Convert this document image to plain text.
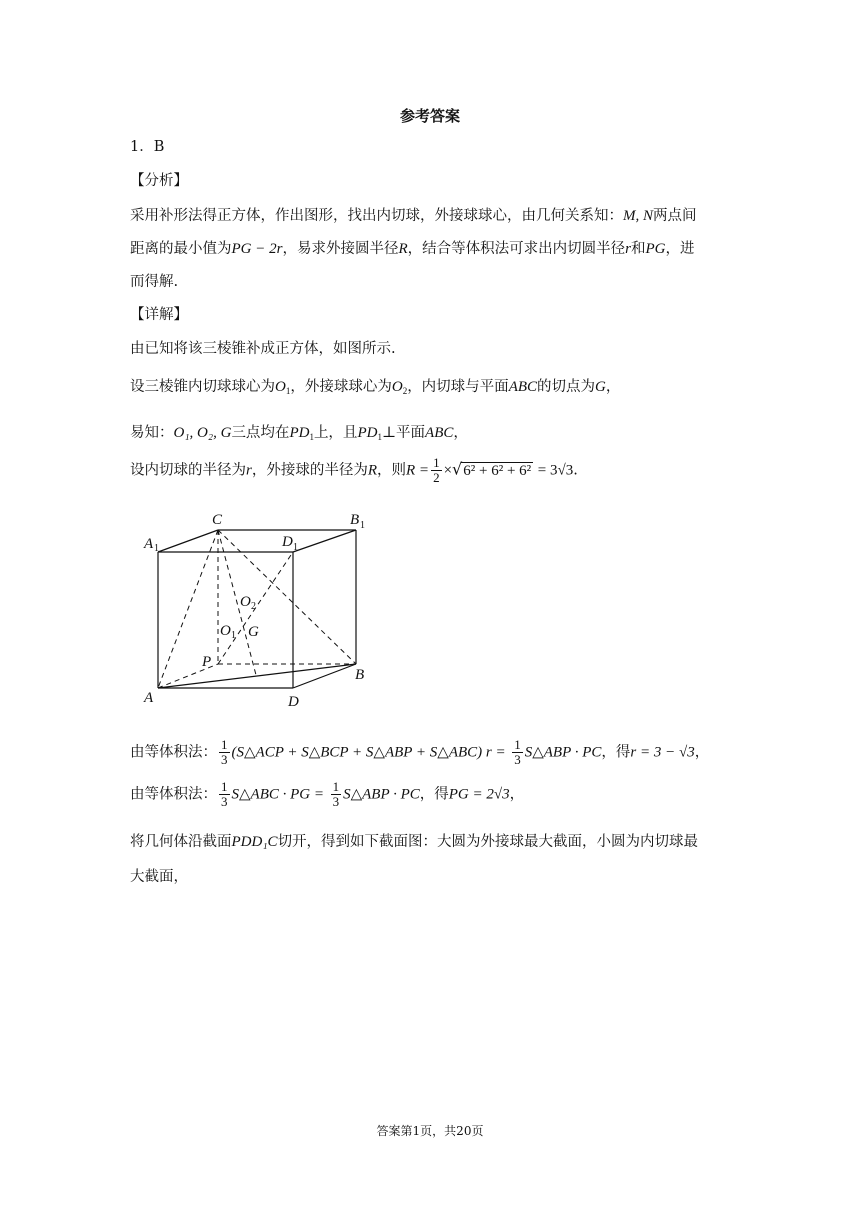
参考答案
1．B
【分析】
采用补形法得正方体，作出图形，找出内切球，外接球球心，由几何关系知：M, N两点间
距离的最小值为PG − 2r，易求外接圆半径R，结合等体积法可求出内切圆半径r和PG，进
而得解.
【详解】
由已知将该三棱锥补成正方体，如图所示.
设三棱锥内切球球心为$O_1$，外接球球心为$O_2$，内切球与平面ABC的切点为G，
易知：O₁, O₂, G三点均在$PD_1$上，且$PD_1\perp$平面ABC，
设内切球的半径为r，外接球的半径为R，则$R = \frac{1}{2} \times√6^2 + 6^2 + 6^2 = 3√3$.
C	B 1
A 1	D 1
O 2
O 1 G
P
B
A	D
由等体积法： $\frac{1}{3}$ (S△ACP + S△BCP + S△ABP + S△ABC) $r = \frac{1}{3}$ S△ABP · PC，得r = 3 − √3，
由等体积法： $\frac{1}{3}$ S△ABC · PG = $\frac{1}{3}$ S△ABP · PC，得PG = 2√3，
将几何体沿截面PDD₁C切开，得到如下截面图：大圆为外接球最大截面，小圆为内切球最
大截面，
答案第1页，共20页
